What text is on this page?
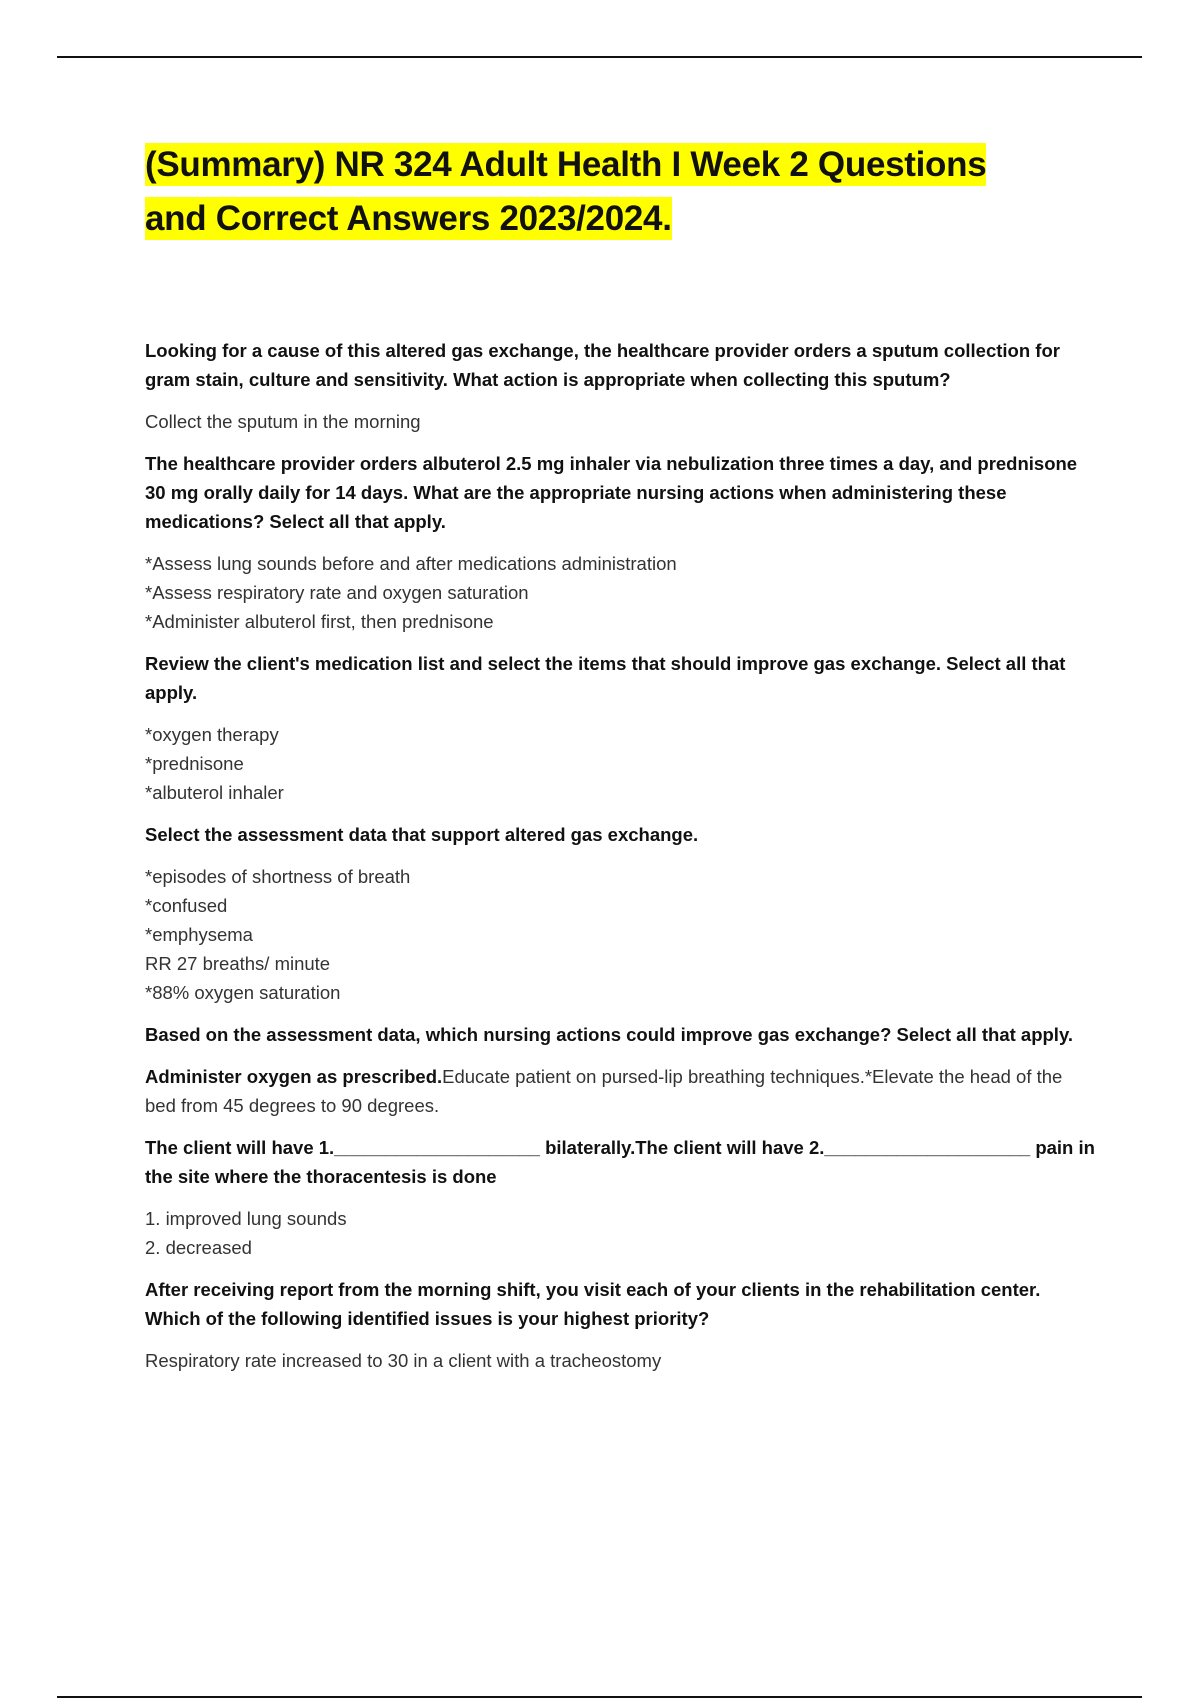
(Summary) NR 324 Adult Health I Week 2 Questions
and Correct Answers 2023/2024.

Looking for a cause of this altered gas exchange, the healthcare provider orders a sputum collection for gram stain, culture and sensitivity. What action is appropriate when collecting this sputum?

Collect the sputum in the morning

The healthcare provider orders albuterol 2.5 mg inhaler via nebulization three times a day, and prednisone 30 mg orally daily for 14 days. What are the appropriate nursing actions when administering these medications? Select all that apply.

*Assess lung sounds before and after medications administration
*Assess respiratory rate and oxygen saturation
*Administer albuterol first, then prednisone

Review the client's medication list and select the items that should improve gas exchange. Select all that apply.

*oxygen therapy
*prednisone
*albuterol inhaler

Select the assessment data that support altered gas exchange.

*episodes of shortness of breath
*confused
*emphysema
RR 27 breaths/ minute
*88% oxygen saturation

Based on the assessment data, which nursing actions could improve gas exchange? Select all that apply.

Administer oxygen as prescribed.Educate patient on pursed-lip breathing techniques.*Elevate the head of the bed from 45 degrees to 90 degrees.

The client will have 1.____________________ bilaterally.The client will have 2.____________________ pain in the site where the thoracentesis is done

1. improved lung sounds
2. decreased

After receiving report from the morning shift, you visit each of your clients in the rehabilitation center. Which of the following identified issues is your highest priority?

Respiratory rate increased to 30 in a client with a tracheostomy
